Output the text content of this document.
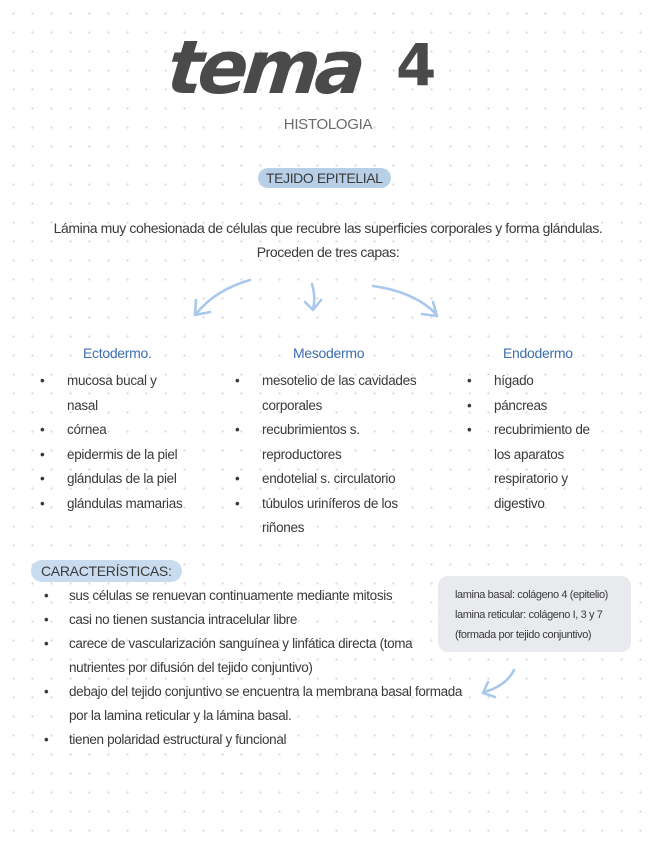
tema 4
HISTOLOGIA
TEJIDO EPITELIAL
Lámina muy cohesionada de células que recubre las superficies corporales y forma glándulas.
Proceden de tres capas:
Ectodermo.
• mucosa bucal y
nasal
• córnea
• epidermis de la piel
• glándulas de la piel
• glándulas mamarias
Mesodermo
• mesotelio de las cavidades
corporales
• recubrimientos s.
reproductores
• endotelial s. circulatorio
• túbulos uriníferos de los
riñones
Endodermo
• hígado
• páncreas
• recubrimiento de
los aparatos
respiratorio y
digestivo
CARACTERÍSTICAS:
• sus células se renuevan continuamente mediante mitosis
• casi no tienen sustancia intracelular libre
• carece de vascularización sanguínea y linfática directa (toma
nutrientes por difusión del tejido conjuntivo)
• debajo del tejido conjuntivo se encuentra la membrana basal formada
por la lamina reticular y la lámina basal.
• tienen polaridad estructural y funcional
lamina basal: colágeno 4 (epitelio)
lamina reticular: colágeno I, 3 y 7
(formada por tejido conjuntivo)
